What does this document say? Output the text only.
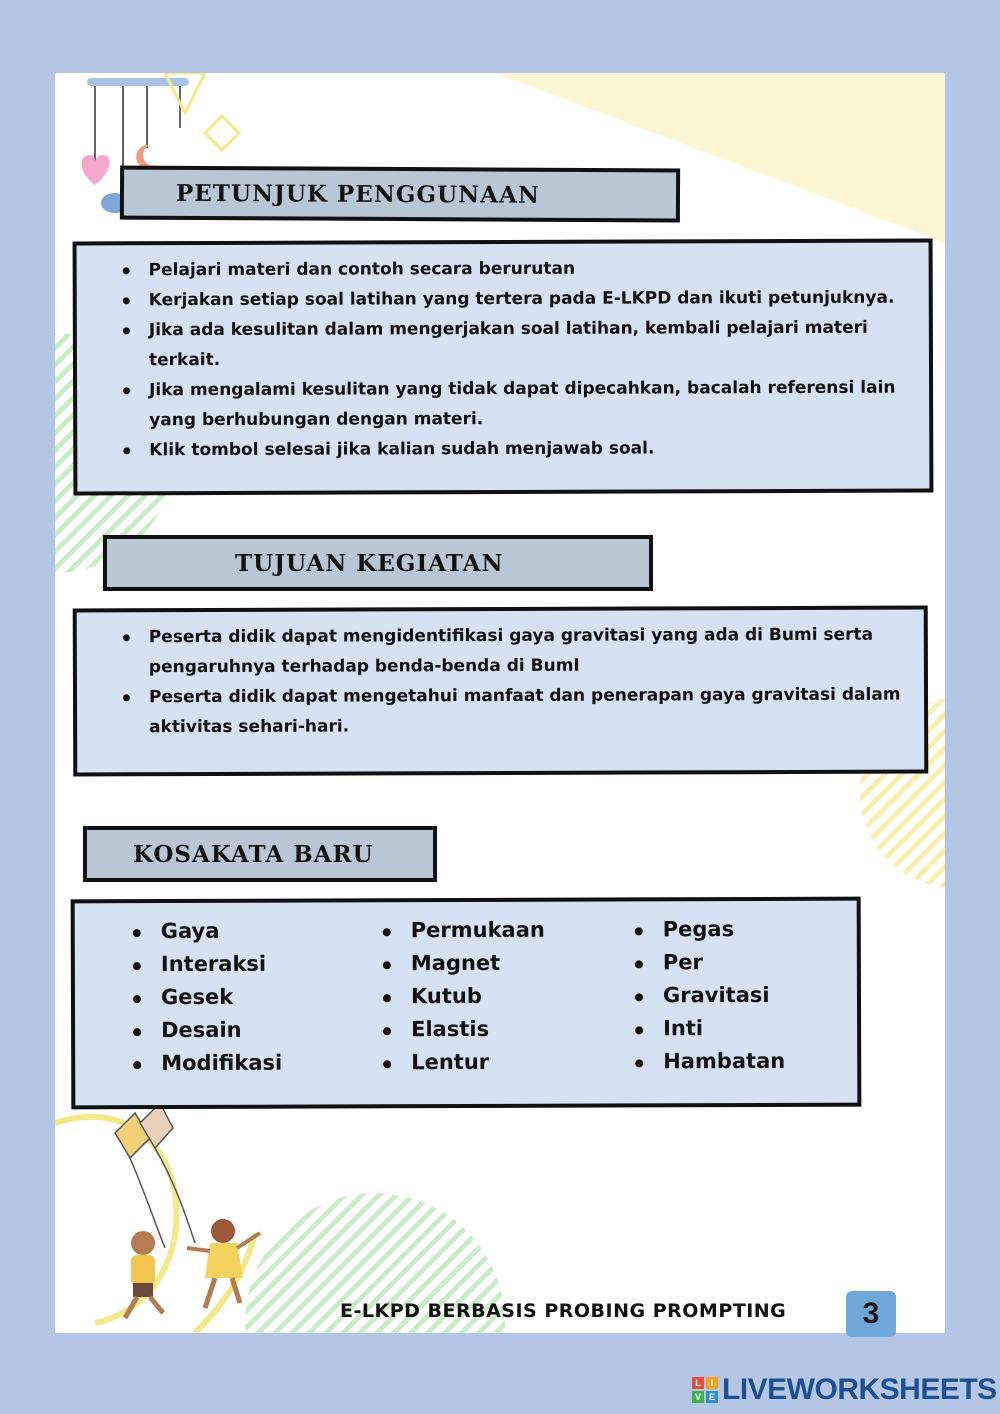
PETUNJUK PENGGUNAAN
Pelajari materi dan contoh secara berurutan
Kerjakan setiap soal latihan yang tertera pada E-LKPD dan ikuti petunjuknya.
Jika ada kesulitan dalam mengerjakan soal latihan, kembali pelajari materi terkait.
Jika mengalami kesulitan yang tidak dapat dipecahkan, bacalah referensi lain yang berhubungan dengan materi.
Klik tombol selesai jika kalian sudah menjawab soal.
TUJUAN KEGIATAN
Peserta didik dapat mengidentifikasi gaya gravitasi yang ada di Bumi serta pengaruhnya terhadap benda-benda di BumI
Peserta didik dapat mengetahui manfaat dan penerapan gaya gravitasi dalam aktivitas sehari-hari.
KOSAKATA BARU
Gaya
Interaksi
Gesek
Desain
Modifikasi
Permukaan
Magnet
Kutub
Elastis
Lentur
Pegas
Per
Gravitasi
Inti
Hambatan
E-LKPD BERBASIS PROBING PROMPTING	3
L	I
V E LIVEWORKSHEETS
